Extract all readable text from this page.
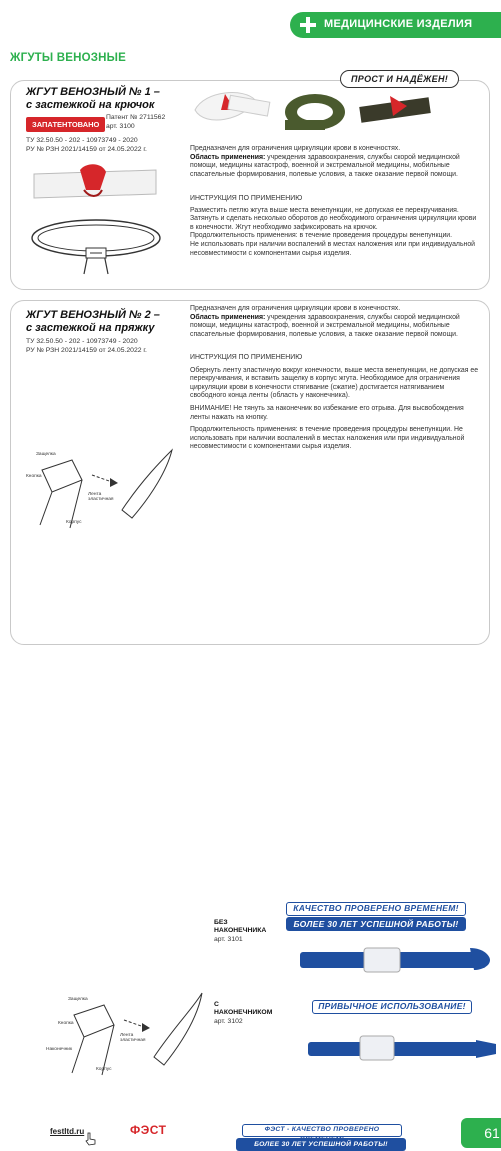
МЕДИЦИНСКИЕ ИЗДЕЛИЯ
ЖГУТЫ ВЕНОЗНЫЕ
ПРОСТ И НАДЁЖЕН!
ЖГУТ ВЕНОЗНЫЙ № 1 –
с застежкой на крючок
ЗАПАТЕНТОВАНО
Патент № 2711562
арт. 3100
ТУ 32.50.50 - 202 - 10973749 - 2020
РУ № РЗН 2021/14159 от 24.05.2022 г.	Предназначен для ограничения циркуляции крови в конечностях.
Область применения: учреждения здравоохранения, службы скорой медицинской помощи, медицины катастроф, военной и экстремальной медицины, мобильные спасательные формирования, полевые условия, а также оказание первой помощи.
ИНСТРУКЦИЯ ПО ПРИМЕНЕНИЮ
Разместить петлю жгута выше места венепункции, не допуская ее перекручивания.
Затянуть и сделать несколько оборотов до необходимого ограничения циркуляции крови в конечности. Жгут необходимо зафиксировать на крючок.
Продолжительность применения: в течение проведения процедуры венепункции.
Не использовать при наличии воспалений в местах наложения или при индивидуальной несовместимости с компонентами сырья изделия.
ЖГУТ ВЕНОЗНЫЙ № 2 –
с застежкой на пряжку
ТУ 32.50.50 - 202 - 10973749 - 2020
РУ № РЗН 2021/14159 от 24.05.2022 г.
Предназначен для ограничения циркуляции крови в конечностях.
Область применения: учреждения здравоохранения, службы скорой медицинской помощи, медицины катастроф, военной и экстремальной медицины, мобильные спасательные формирования, полевые условия, а также оказание первой помощи.
ИНСТРУКЦИЯ ПО ПРИМЕНЕНИЮ
Обернуть ленту эластичную вокруг конечности, выше места венепункции, не допуская ее перекручивания, и вставить защелку в корпус жгута. Необходимое для ограничения циркуляции крови в конечности стягивание (сжатие) достигается натягиванием свободного конца ленты (область у наконечника).
ВНИМАНИЕ! Не тянуть за наконечник во избежание его отрыва. Для высвобождения ленты нажать на кнопку.
Продолжительность применения: в течение проведения процедуры венепункции. Не использовать при наличии воспалений в местах наложения или при индивидуальной несовместимости с компонентами сырья изделия.
Защелка
Кнопка
Лента эластичная
Корпус
Защелка
Кнопка
Лента эластичная
Наконечник
Корпус
КАЧЕСТВО ПРОВЕРЕНО ВРЕМЕНЕМ!
БОЛЕЕ 30 ЛЕТ УСПЕШНОЙ РАБОТЫ!
БЕЗ НАКОНЕЧНИКА
арт. 3101
ПРИВЫЧНОЕ ИСПОЛЬЗОВАНИЕ!
С НАКОНЕЧНИКОМ
арт. 3102
festltd.ru	ФЭСТ	ФЭСТ - КАЧЕСТВО ПРОВЕРЕНО
БОЛЕЕ 30 ЛЕТ УСПЕШНОЙ РАБОТЫ!
61
